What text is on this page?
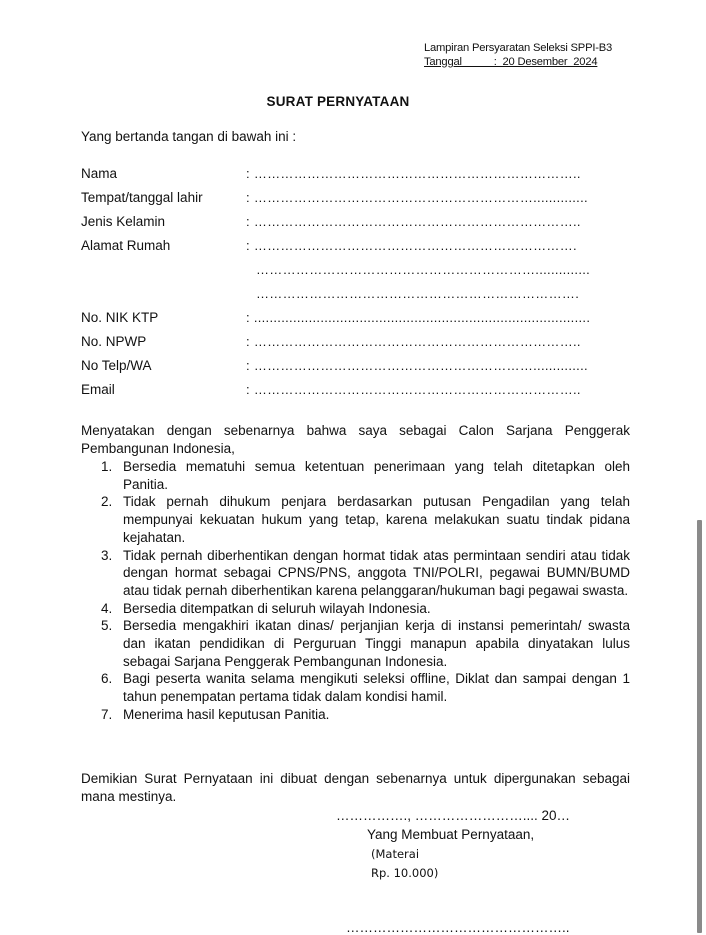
Lampiran Persyaratan Seleksi SPPI-B3
Tanggal           :  20 Desember  2024
SURAT PERNYATAAN
Yang bertanda tangan di bawah ini :
Nama	: ………………………………………………………………..
Tempat/tanggal lahir	: ………………………………………………………..............
Jenis Kelamin	: ………………………………………………………………..
Alamat Rumah	: ……………………………………………………………….
………………………………………………………..............
……………………………………………………………….
No. NIK KTP	: ......................................................................................
No. NPWP	: ………………………………………………………………..
No Telp/WA	: ………………………………………………………..............
Email	: ………………………………………………………………..
Menyatakan dengan sebenarnya bahwa saya sebagai Calon Sarjana Penggerak Pembangunan Indonesia,
1. Bersedia mematuhi semua ketentuan penerimaan yang telah ditetapkan oleh Panitia.
2. Tidak pernah dihukum penjara berdasarkan putusan Pengadilan yang telah mempunyai kekuatan hukum yang tetap, karena melakukan suatu tindak pidana kejahatan.
3. Tidak pernah diberhentikan dengan hormat tidak atas permintaan sendiri atau tidak dengan hormat sebagai CPNS/PNS, anggota TNI/POLRI, pegawai BUMN/BUMD atau tidak pernah diberhentikan karena pelanggaran/hukuman bagi pegawai swasta.
4. Bersedia ditempatkan di seluruh wilayah Indonesia.
5. Bersedia mengakhiri ikatan dinas/ perjanjian kerja di instansi pemerintah/ swasta dan ikatan pendidikan di Perguruan Tinggi manapun apabila dinyatakan lulus sebagai Sarjana Penggerak Pembangunan Indonesia.
6. Bagi peserta wanita selama mengikuti seleksi offline, Diklat dan sampai dengan 1 tahun penempatan pertama tidak dalam kondisi hamil.
7. Menerima hasil keputusan Panitia.
Demikian Surat Pernyataan ini dibuat dengan sebenarnya untuk dipergunakan sebagai mana mestinya.
……………., …………………….... 20…
Yang Membuat Pernyataan,
(Materai
Rp. 10.000)
…………………………………………..
